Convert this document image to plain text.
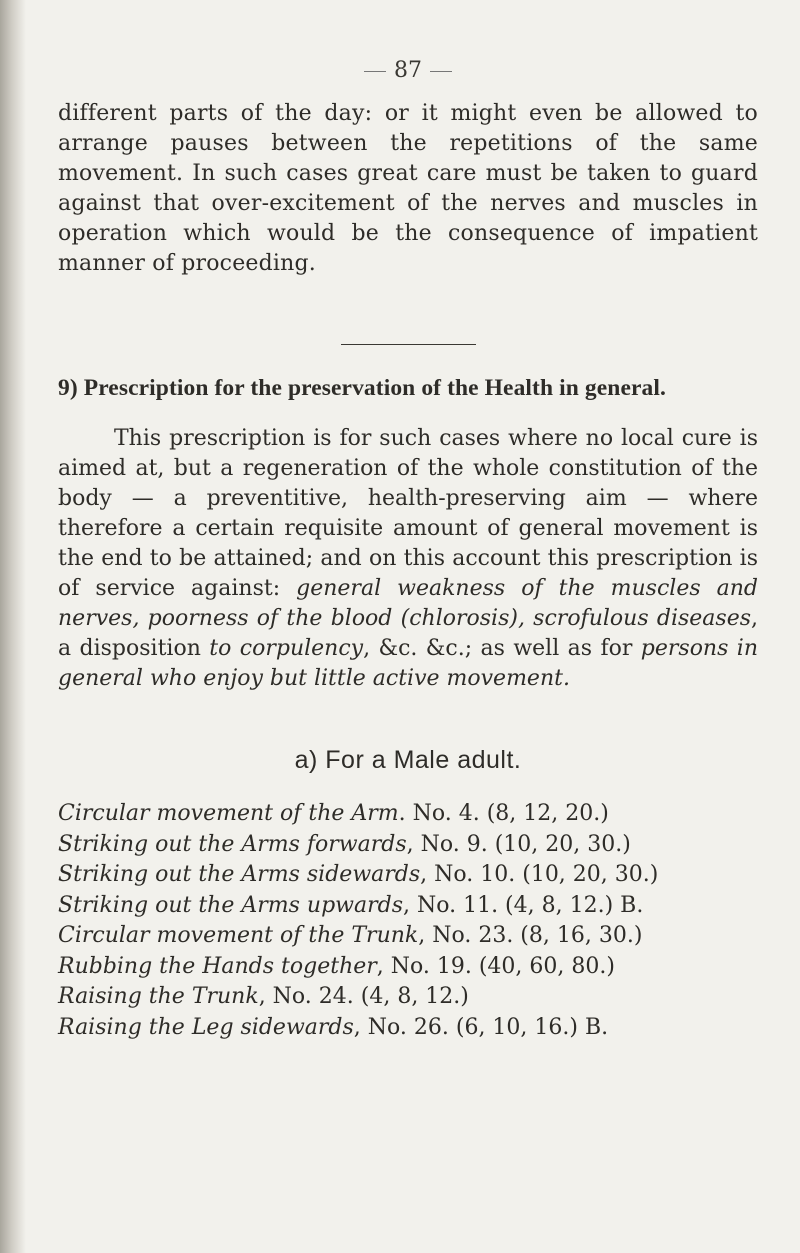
87

different parts of the day: or it might even be allowed to arrange pauses between the repetitions of the same movement. In such cases great care must be taken to guard against that over-excitement of the nerves and muscles in operation which would be the consequence of impatient manner of proceeding.

9) Prescription for the preservation of the Health in general.

This prescription is for such cases where no local cure is aimed at, but a regeneration of the whole constitution of the body — a preventitive, health-preserving aim — where therefore a certain requisite amount of general movement is the end to be attained; and on this account this prescription is of service against: general weakness of the muscles and nerves, poorness of the blood (chlorosis), scrofulous diseases, a disposition to corpulency, &c. &c.; as well as for persons in general who enjoy but little active movement.

a) For a Male adult.
Circular movement of the Arm. No. 4. (8, 12, 20.)
Striking out the Arms forwards, No. 9. (10, 20, 30.)
Striking out the Arms sidewards, No. 10. (10, 20, 30.)
Striking out the Arms upwards, No. 11. (4, 8, 12.) B.
Circular movement of the Trunk, No. 23. (8, 16, 30.)
Rubbing the Hands together, No. 19. (40, 60, 80.)
Raising the Trunk, No. 24. (4, 8, 12.)
Raising the Leg sidewards, No. 26. (6, 10, 16.) B.
